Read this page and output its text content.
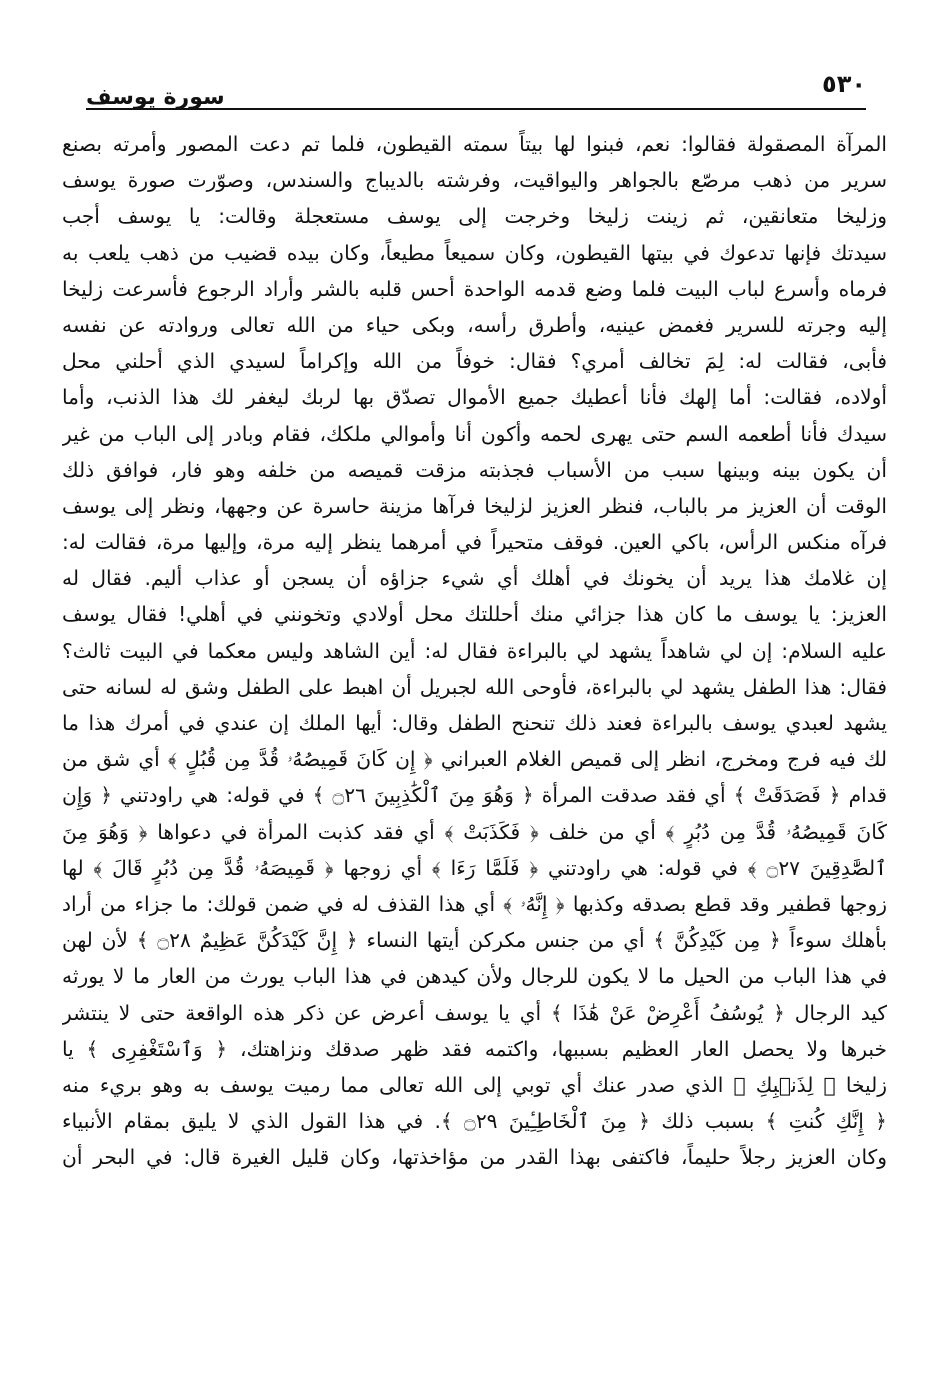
٥٣٠
سورة يوسف
المرآة المصقولة فقالوا: نعم، فبنوا لها بيتاً سمته القيطون، فلما تم دعت المصور وأمرته بصنع
سرير من ذهب مرصّع بالجواهر واليواقيت، وفرشته بالديباج والسندس، وصوّرت صورة يوسف
وزليخا متعانقين، ثم زينت زليخا وخرجت إلى يوسف مستعجلة وقالت: يا يوسف أجب
سيدتك فإنها تدعوك في بيتها القيطون، وكان سميعاً مطيعاً، وكان بيده قضيب من ذهب يلعب به
فرماه وأسرع لباب البيت فلما وضع قدمه الواحدة أحس قلبه بالشر وأراد الرجوع فأسرعت زليخا
إليه وجرته للسرير فغمض عينيه، وأطرق رأسه، وبكى حياء من الله تعالى وروادته عن نفسه
فأبى، فقالت له: لِمَ تخالف أمري؟ فقال: خوفاً من الله وإكراماً لسيدي الذي أحلني محل
أولاده، فقالت: أما إلهك فأنا أعطيك جميع الأموال تصدّق بها لربك ليغفر لك هذا الذنب، وأما
سيدك فأنا أطعمه السم حتى يهرى لحمه وأكون أنا وأموالي ملكك، فقام وبادر إلى الباب من غير
أن يكون بينه وبينها سبب من الأسباب فجذبته مزقت قميصه من خلفه وهو فار، فوافق ذلك
الوقت أن العزيز مر بالباب، فنظر العزيز لزليخا فرآها مزينة حاسرة عن وجهها، ونظر إلى يوسف
فرآه منكس الرأس، باكي العين. فوقف متحيراً في أمرهما ينظر إليه مرة، وإليها مرة، فقالت له:
إن غلامك هذا يريد أن يخونك في أهلك أي شيء جزاؤه أن يسجن أو عذاب أليم. فقال له
العزيز: يا يوسف ما كان هذا جزائي منك أحللتك محل أولادي وتخونني في أهلي! فقال يوسف
عليه السلام: إن لي شاهداً يشهد لي بالبراءة فقال له: أين الشاهد وليس معكما في البيت ثالث؟
فقال: هذا الطفل يشهد لي بالبراءة، فأوحى الله لجبريل أن اهبط على الطفل وشق له لسانه حتى
يشهد لعبدي يوسف بالبراءة فعند ذلك تنحنح الطفل وقال: أيها الملك إن عندي في أمرك هذا ما
لك فيه فرج ومخرج، انظر إلى قميص الغلام العبراني ﴿ إِن كَانَ قَمِيصُهُۥ قُدَّ مِن قُبُلٍ ﴾ أي شق من
قدام ﴿ فَصَدَقَتْ ﴾ أي فقد صدقت المرأة ﴿ وَهُوَ مِنَ ٱلْكَٰذِبِينَ ۝٢٦ ﴾ في قوله: هي راودتني ﴿ وَإِن
كَانَ قَمِيصُهُۥ قُدَّ مِن دُبُرٍ ﴾ أي من خلف ﴿ فَكَذَبَتْ ﴾ أي فقد كذبت المرأة في دعواها ﴿ وَهُوَ مِنَ
ٱلصَّٰدِقِينَ ۝٢٧ ﴾ في قوله: هي راودتني ﴿ فَلَمَّا رَءَا ﴾ أي زوجها ﴿ قَمِيصَهُۥ قُدَّ مِن دُبُرٍ قَالَ ﴾ لها
زوجها قطفير وقد قطع بصدقه وكذبها ﴿ إِنَّهُۥ ﴾ أي هذا القذف له في ضمن قولك: ما جزاء من أراد
بأهلك سوءاً ﴿ مِن كَيْدِكُنَّ ﴾ أي من جنس مكركن أيتها النساء ﴿ إِنَّ كَيْدَكُنَّ عَظِيمٌ ۝٢٨ ﴾ لأن لهن
في هذا الباب من الحيل ما لا يكون للرجال ولأن كيدهن في هذا الباب يورث من العار ما لا يورثه
كيد الرجال ﴿ يُوسُفُ أَعْرِضْ عَنْ هَٰذَا ﴾ أي يا يوسف أعرض عن ذكر هذه الواقعة حتى لا ينتشر
خبرها ولا يحصل العار العظيم بسببها، واكتمه فقد ظهر صدقك ونزاهتك، ﴿ وَٱسْتَغْفِرِى ﴾ يا
زليخا ﴿ لِذَنۢبِكِ ﴾ الذي صدر عنك أي توبي إلى الله تعالى مما رميت يوسف به وهو بريء منه
﴿ إِنَّكِ كُنتِ ﴾ بسبب ذلك ﴿ مِنَ ٱلْخَاطِـِٔينَ ۝٢٩ ﴾. في هذا القول الذي لا يليق بمقام الأنبياء
وكان العزيز رجلاً حليماً، فاكتفى بهذا القدر من مؤاخذتها، وكان قليل الغيرة قال: في البحر أن
